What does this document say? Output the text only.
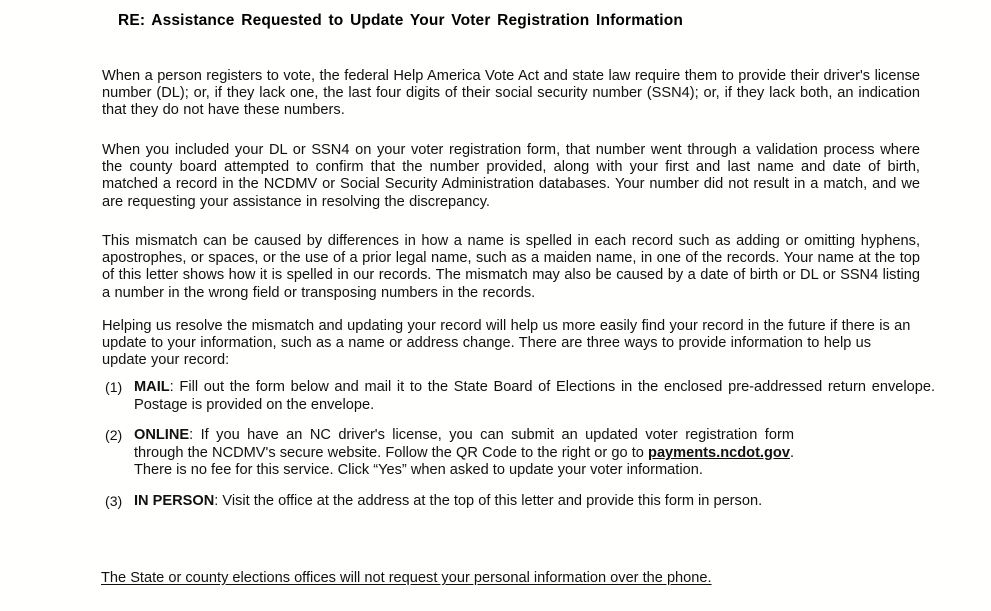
RE: Assistance Requested to Update Your Voter Registration Information

When a person registers to vote, the federal Help America Vote Act and state law require them to provide their driver's license number (DL); or, if they lack one, the last four digits of their social security number (SSN4); or, if they lack both, an indication that they do not have these numbers.

When you included your DL or SSN4 on your voter registration form, that number went through a validation process where the county board attempted to confirm that the number provided, along with your first and last name and date of birth, matched a record in the NCDMV or Social Security Administration databases. Your number did not result in a match, and we are requesting your assistance in resolving the discrepancy.

This mismatch can be caused by differences in how a name is spelled in each record such as adding or omitting hyphens, apostrophes, or spaces, or the use of a prior legal name, such as a maiden name, in one of the records. Your name at the top of this letter shows how it is spelled in our records. The mismatch may also be caused by a date of birth or DL or SSN4 listing a number in the wrong field or transposing numbers in the records.

Helping us resolve the mismatch and updating your record will help us more easily find your record in the future if there is an update to your information, such as a name or address change. There are three ways to provide information to help us update your record:

(1) MAIL: Fill out the form below and mail it to the State Board of Elections in the enclosed pre-addressed return envelope. Postage is provided on the envelope.
(2) ONLINE: If you have an NC driver's license, you can submit an updated voter registration form through the NCDMV's secure website. Follow the QR Code to the right or go to payments.ncdot.gov. There is no fee for this service. Click “Yes” when asked to update your voter information.
(3) IN PERSON: Visit the office at the address at the top of this letter and provide this form in person.
The State or county elections offices will not request your personal information over the phone.
